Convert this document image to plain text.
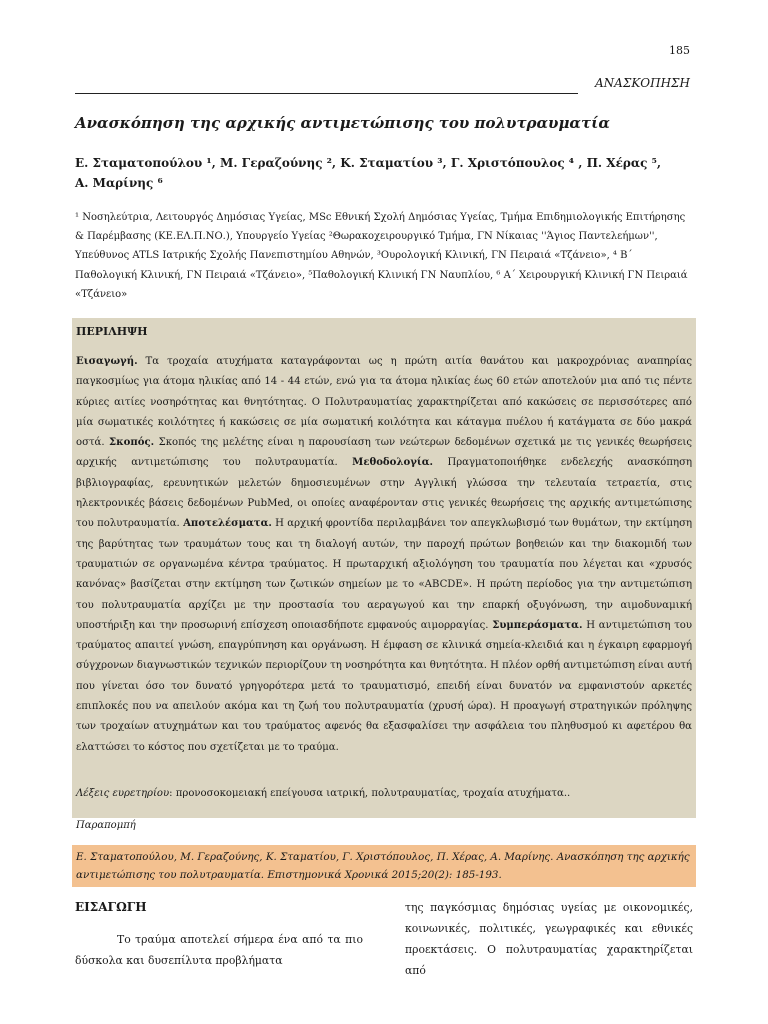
185
ΑΝΑΣΚΟΠΗΣΗ
Ανασκόπηση της αρχικής αντιμετώπισης του πολυτραυματία
Ε. Σταματοπούλου ¹, Μ. Γεραζούνης ², Κ. Σταματίου ³, Γ. Χριστόπουλος ⁴ , Π. Χέρας ⁵, Α. Μαρίνης ⁶
¹ Νοσηλεύτρια, Λειτουργός Δημόσιας Υγείας, MSc Εθνική Σχολή Δημόσιας Υγείας, Τμήμα Επιδημιολογικής Επιτήρησης & Παρέμβασης (ΚΕ.ΕΛ.Π.ΝΟ.), Υπουργείο Υγείας ²Θωρακοχειρουργικό Τμήμα, ΓΝ Νίκαιας ''Άγιος Παντελεήμων'', Υπεύθυνος ATLS Ιατρικής Σχολής Πανεπιστημίου Αθηνών, ³Ουρολογική Κλινική, ΓΝ Πειραιά «Τζάνειο», ⁴ Β΄ Παθολογική Κλινική, ΓΝ Πειραιά «Τζάνειο», ⁵Παθολογική Κλινική ΓΝ Ναυπλίου, ⁶ Α΄ Χειρουργική Κλινική ΓΝ Πειραιά «Τζάνειο»
ΠΕΡΙΛΗΨΗ
Εισαγωγή. Τα τροχαία ατυχήματα καταγράφονται ως η πρώτη αιτία θανάτου και μακροχρόνιας αναπηρίας παγκοσμίως για άτομα ηλικίας από 14 - 44 ετών, ενώ για τα άτομα ηλικίας έως 60 ετών αποτελούν μια από τις πέντε κύριες αιτίες νοσηρότητας και θνητότητας. Ο Πολυτραυματίας χαρακτηρίζεται από κακώσεις σε περισσότερες από μία σωματικές κοιλότητες ή κακώσεις σε μία σωματική κοιλότητα και κάταγμα πυέλου ή κατάγματα σε δύο μακρά οστά. Σκοπός. Σκοπός της μελέτης είναι η παρουσίαση των νεώτερων δεδομένων σχετικά με τις γενικές θεωρήσεις αρχικής αντιμετώπισης του πολυτραυματία. Μεθοδολογία. Πραγματοποιήθηκε ενδελεχής ανασκόπηση βιβλιογραφίας, ερευνητικών μελετών δημοσιευμένων στην Αγγλική γλώσσα την τελευταία τετραετία, στις ηλεκτρονικές βάσεις δεδομένων PubMed, οι οποίες αναφέρονταν στις γενικές θεωρήσεις της αρχικής αντιμετώπισης του πολυτραυματία. Αποτελέσματα. Η αρχική φροντίδα περιλαμβάνει τον απεγκλωβισμό των θυμάτων, την εκτίμηση της βαρύτητας των τραυμάτων τους και τη διαλογή αυτών, την παροχή πρώτων βοηθειών και την διακομιδή των τραυματιών σε οργανωμένα κέντρα τραύματος. Η πρωταρχική αξιολόγηση του τραυματία που λέγεται και «χρυσός κανόνας» βασίζεται στην εκτίμηση των ζωτικών σημείων με το «ABCDE». Η πρώτη περίοδος για την αντιμετώπιση του πολυτραυματία αρχίζει με την προστασία του αεραγωγού και την επαρκή οξυγόνωση, την αιμοδυναμική υποστήριξη και την προσωρινή επίσχεση οποιασδήποτε εμφανούς αιμορραγίας. Συμπεράσματα. Η αντιμετώπιση του τραύματος απαιτεί γνώση, επαγρύπνηση και οργάνωση. Η έμφαση σε κλινικά σημεία-κλειδιά και η έγκαιρη εφαρμογή σύγχρονων διαγνωστικών τεχνικών περιορίζουν τη νοσηρότητα και θνητότητα. Η πλέον ορθή αντιμετώπιση είναι αυτή που γίνεται όσο τον δυνατό γρηγορότερα μετά το τραυματισμό, επειδή είναι δυνατόν να εμφανιστούν αρκετές επιπλοκές που να απειλούν ακόμα και τη ζωή του πολυτραυματία (χρυσή ώρα). Η προαγωγή στρατηγικών πρόληψης των τροχαίων ατυχημάτων και του τραύματος αφενός θα εξασφαλίσει την ασφάλεια του πληθυσμού κι αφετέρου θα ελαττώσει το κόστος που σχετίζεται με το τραύμα.
Λέξεις ευρετηρίου: προνοσοκομειακή επείγουσα ιατρική, πολυτραυματίας, τροχαία ατυχήματα..
Παραπομπή
Ε. Σταματοπούλου, Μ. Γεραζούνης, Κ. Σταματίου, Γ. Χριστόπουλος, Π. Χέρας, Α. Μαρίνης. Ανασκόπηση της αρχικής αντιμετώπισης του πολυτραυματία. Επιστημονικά Χρονικά 2015;20(2): 185-193.
ΕΙΣΑΓΩΓΗ
Το τραύμα αποτελεί σήμερα ένα από τα πιο δύσκολα και δυσεπίλυτα προβλήματα
της παγκόσμιας δημόσιας υγείας με οικονομικές, κοινωνικές, πολιτικές, γεωγραφικές και εθνικές προεκτάσεις. Ο πολυτραυματίας χαρακτηρίζεται από
